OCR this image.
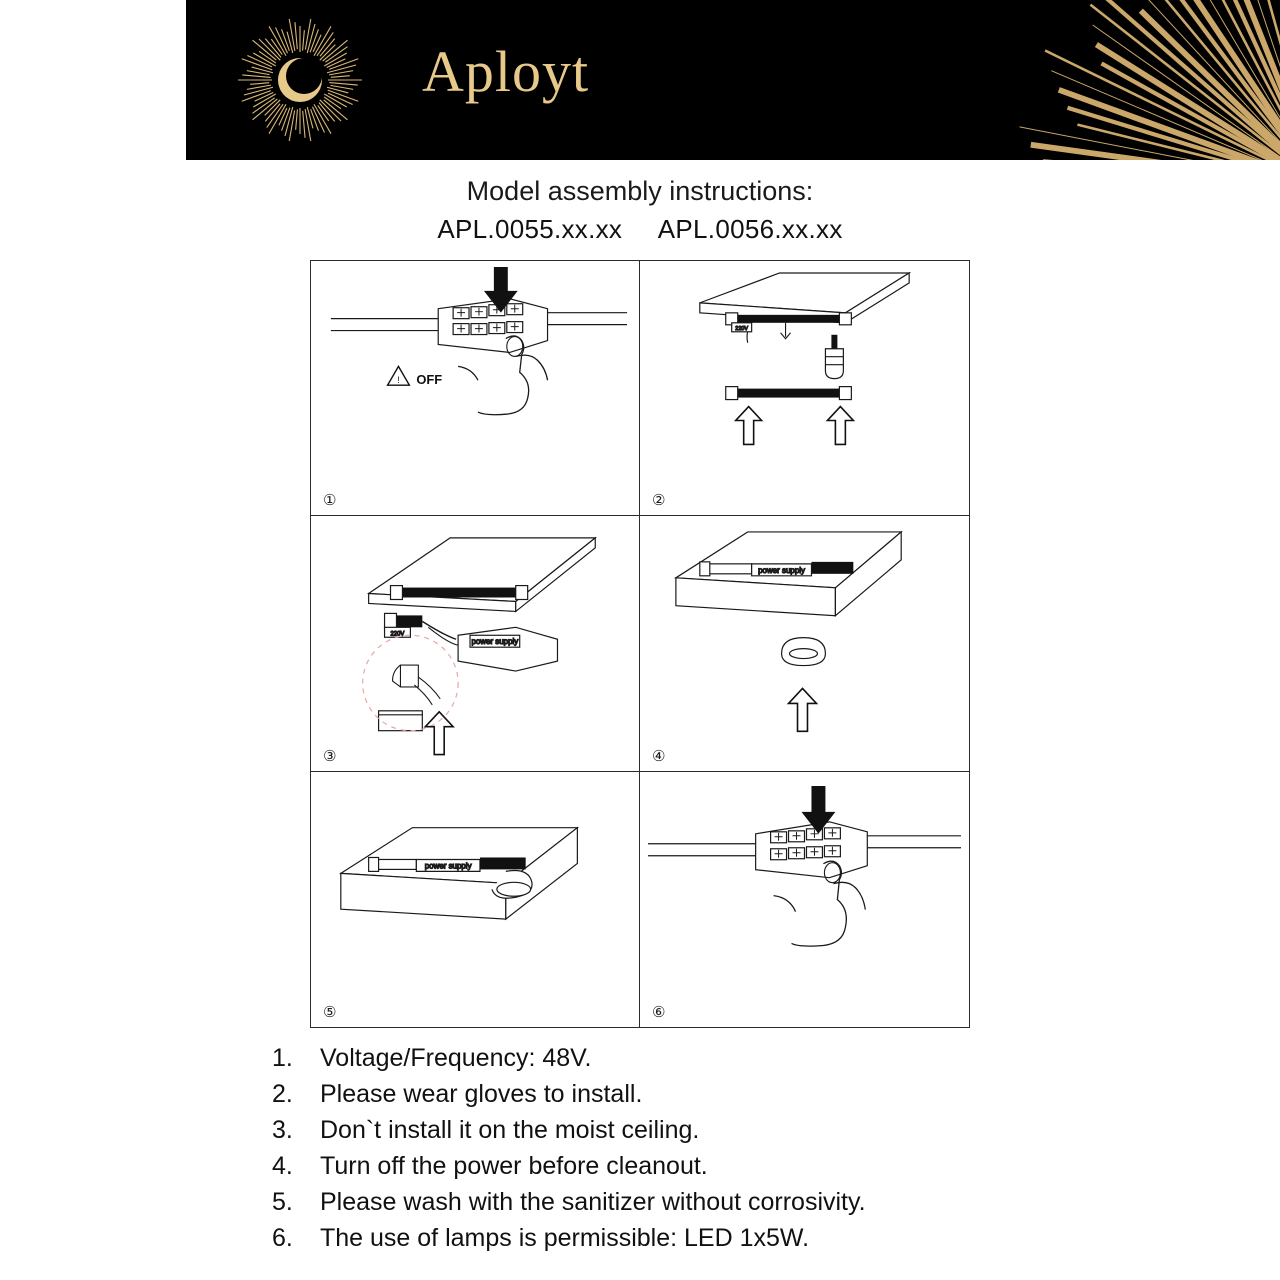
Aployt
Model assembly instructions:
APL.0055.xx.xx APL.0056.xx.xx
! OFF
①
220V
②
220V
power supply
③
power supply
④
power supply
⑤	⑥
1.	Voltage/Frequency: 48V.
2.	Please wear gloves to install.
3.	Don`t install it on the moist ceiling.
4.	Turn off the power before cleanout.
5.	Please wash with the sanitizer without corrosivity.
6.	The use of lamps is permissible: LED 1x5W.
